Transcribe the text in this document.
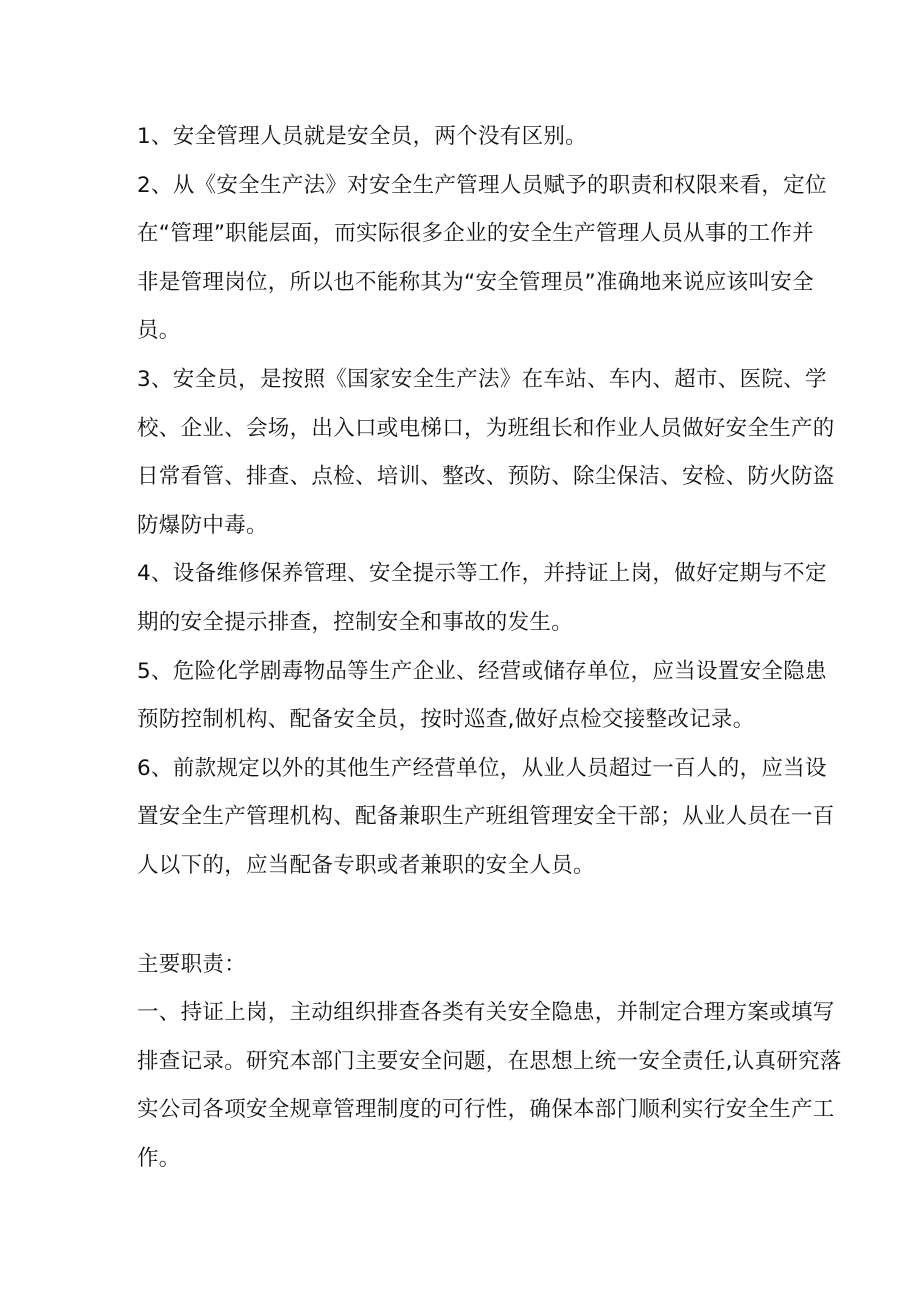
1、安全管理人员就是安全员，两个没有区别。
2、从《安全生产法》对安全生产管理人员赋予的职责和权限来看，定位
在“管理”职能层面，而实际很多企业的安全生产管理人员从事的工作并
非是管理岗位，所以也不能称其为“安全管理员”准确地来说应该叫安全
员。
3、安全员，是按照《国家安全生产法》在车站、车内、超市、医院、学
校、企业、会场，出入口或电梯口，为班组长和作业人员做好安全生产的
日常看管、排查、点检、培训、整改、预防、除尘保洁、安检、防火防盗
防爆防中毒。
4、设备维修保养管理、安全提示等工作，并持证上岗，做好定期与不定
期的安全提示排查，控制安全和事故的发生。
5、危险化学剧毒物品等生产企业、经营或储存单位，应当设置安全隐患
预防控制机构、配备安全员，按时巡查,做好点检交接整改记录。
6、前款规定以外的其他生产经营单位，从业人员超过一百人的，应当设
置安全生产管理机构、配备兼职生产班组管理安全干部；从业人员在一百
人以下的，应当配备专职或者兼职的安全人员。
主要职责：
一、持证上岗，主动组织排查各类有关安全隐患，并制定合理方案或填写
排查记录。研究本部门主要安全问题，在思想上统一安全责任,认真研究落
实公司各项安全规章管理制度的可行性，确保本部门顺利实行安全生产工
作。
